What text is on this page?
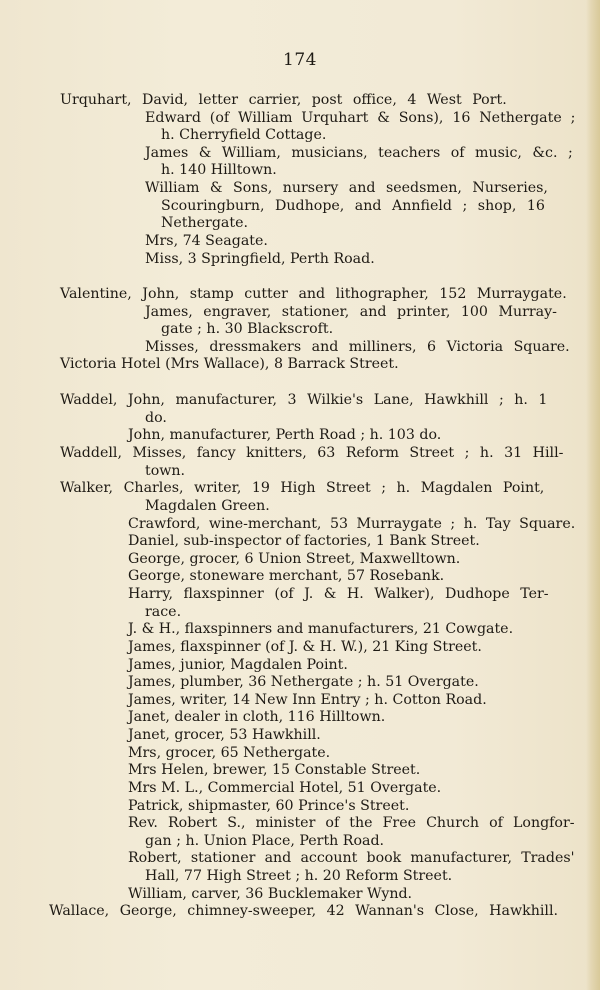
174
Urquhart, David, letter carrier, post office, 4 West Port.
Edward (of William Urquhart & Sons), 16 Nethergate ;
h. Cherryfield Cottage.
James & William, musicians, teachers of music, &c. ;
h. 140 Hilltown.
William & Sons, nursery and seedsmen, Nurseries,
Scouringburn, Dudhope, and Annfield ; shop, 16
Nethergate.
Mrs, 74 Seagate.
Miss, 3 Springfield, Perth Road.
Valentine, John, stamp cutter and lithographer, 152 Murraygate.
James, engraver, stationer, and printer, 100 Murray-
gate ; h. 30 Blackscroft.
Misses, dressmakers and milliners, 6 Victoria Square.
Victoria Hotel (Mrs Wallace), 8 Barrack Street.
Waddel, John, manufacturer, 3 Wilkie's Lane, Hawkhill ; h. 1
do.
John, manufacturer, Perth Road ; h. 103 do.
Waddell, Misses, fancy knitters, 63 Reform Street ; h. 31 Hill-
town.
Walker, Charles, writer, 19 High Street ; h. Magdalen Point,
Magdalen Green.
Crawford, wine-merchant, 53 Murraygate ; h. Tay Square.
Daniel, sub-inspector of factories, 1 Bank Street.
George, grocer, 6 Union Street, Maxwelltown.
George, stoneware merchant, 57 Rosebank.
Harry, flaxspinner (of J. & H. Walker), Dudhope Ter-
race.
J. & H., flaxspinners and manufacturers, 21 Cowgate.
James, flaxspinner (of J. & H. W.), 21 King Street.
James, junior, Magdalen Point.
James, plumber, 36 Nethergate ; h. 51 Overgate.
James, writer, 14 New Inn Entry ; h. Cotton Road.
Janet, dealer in cloth, 116 Hilltown.
Janet, grocer, 53 Hawkhill.
Mrs, grocer, 65 Nethergate.
Mrs Helen, brewer, 15 Constable Street.
Mrs M. L., Commercial Hotel, 51 Overgate.
Patrick, shipmaster, 60 Prince's Street.
Rev. Robert S., minister of the Free Church of Longfor-
gan ; h. Union Place, Perth Road.
Robert, stationer and account book manufacturer, Trades'
Hall, 77 High Street ; h. 20 Reform Street.
William, carver, 36 Bucklemaker Wynd.
Wallace, George, chimney-sweeper, 42 Wannan's Close, Hawkhill.
